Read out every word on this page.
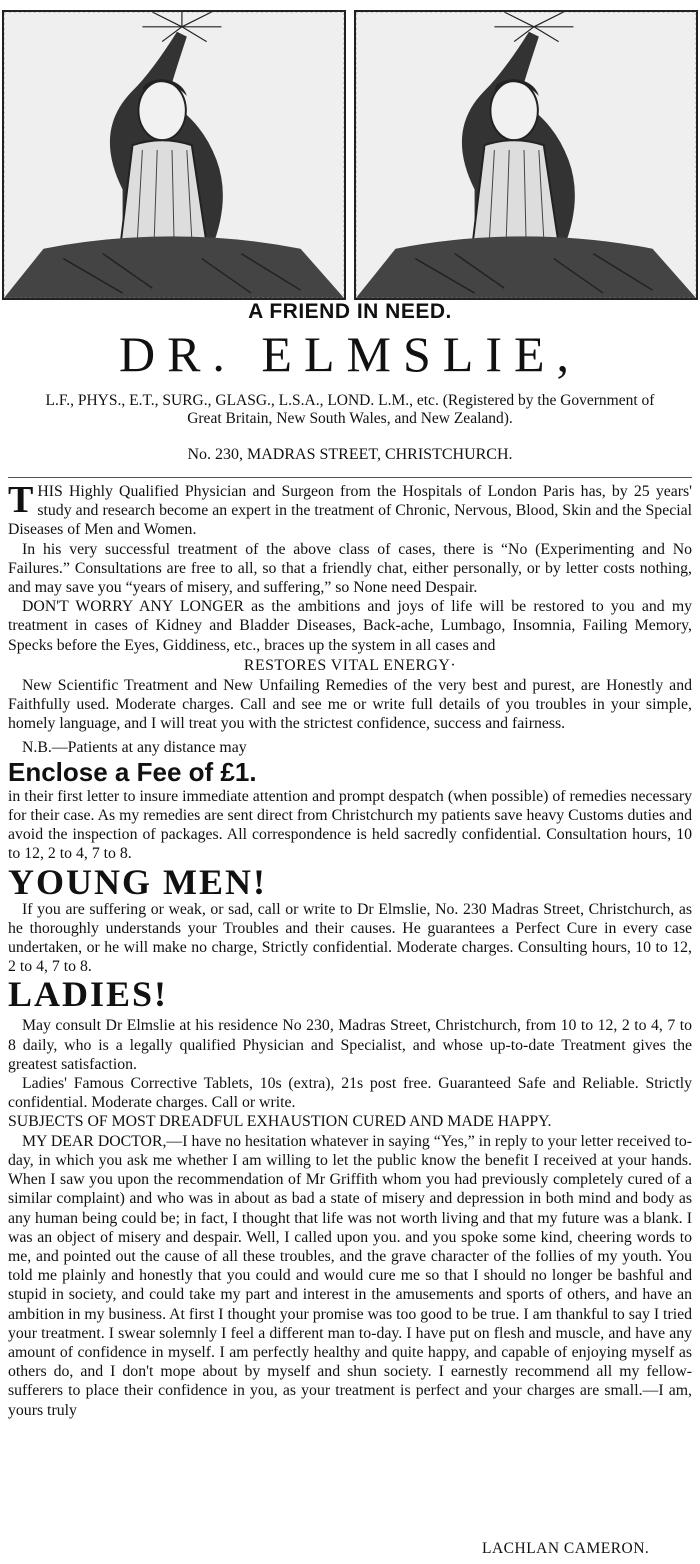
A FRIEND IN NEED.
DR. ELMSLIE,
L.F., PHYS., E.T., SURG., GLASG., L.S.A., LOND. L.M., etc. (Registered by the Government of Great Britain, New South Wales, and New Zealand).
No. 230, MADRAS STREET, CHRISTCHURCH.

THIS Highly Qualified Physician and Surgeon from the Hospitals of London Paris has, by 25 years' study and research become an expert in the treatment of Chronic, Nervous, Blood, Skin and the Special Diseases of Men and Women.

In his very successful treatment of the above class of cases, there is “No (Experimenting and No Failures.” Consultations are free to all, so that a friendly chat, either personally, or by letter costs nothing, and may save you “years of misery, and suffering,” so None need Despair.

DON'T WORRY ANY LONGER as the ambitions and joys of life will be restored to you and my treatment in cases of Kidney and Bladder Diseases, Back-ache, Lumbago, Insomnia, Failing Memory, Specks before the Eyes, Giddiness, etc., braces up the system in all cases and

RESTORES VITAL ENERGY·

New Scientific Treatment and New Unfailing Remedies of the very best and purest, are Honestly and Faithfully used. Moderate charges. Call and see me or write full details of you troubles in your simple, homely language, and I will treat you with the strictest confidence, success and fairness.

N.B.—Patients at any distance may

Enclose a Fee of £1.

in their first letter to insure immediate attention and prompt despatch (when possible) of remedies necessary for their case. As my remedies are sent direct from Christchurch my patients save heavy Customs duties and avoid the inspection of packages. All correspondence is held sacredly confidential. Consultation hours, 10 to 12, 2 to 4, 7 to 8.

YOUNG MEN!

If you are suffering or weak, or sad, call or write to Dr Elmslie, No. 230 Madras Street, Christchurch, as he thoroughly understands your Troubles and their causes. He guarantees a Perfect Cure in every case undertaken, or he will make no charge, Strictly confidential. Moderate charges. Consulting hours, 10 to 12, 2 to 4, 7 to 8.

LADIES!

May consult Dr Elmslie at his residence No 230, Madras Street, Christchurch, from 10 to 12, 2 to 4, 7 to 8 daily, who is a legally qualified Physician and Specialist, and whose up-to-date Treatment gives the greatest satisfaction.

Ladies' Famous Corrective Tablets, 10s (extra), 21s post free. Guaranteed Safe and Reliable. Strictly confidential. Moderate charges. Call or write.

SUBJECTS OF MOST DREADFUL EXHAUSTION CURED AND MADE HAPPY.

MY DEAR DOCTOR,—I have no hesitation whatever in saying “Yes,” in reply to your letter received to-day, in which you ask me whether I am willing to let the public know the benefit I received at your hands. When I saw you upon the recommendation of Mr Griffith whom you had previously completely cured of a similar complaint) and who was in about as bad a state of misery and depression in both mind and body as any human being could be; in fact, I thought that life was not worth living and that my future was a blank. I was an object of misery and despair. Well, I called upon you. and you spoke some kind, cheering words to me, and pointed out the cause of all these troubles, and the grave character of the follies of my youth. You told me plainly and honestly that you could and would cure me so that I should no longer be bashful and stupid in society, and could take my part and interest in the amusements and sports of others, and have an ambition in my business. At first I thought your promise was too good to be true. I am thankful to say I tried your treatment. I swear solemnly I feel a different man to-day. I have put on flesh and muscle, and have any amount of confidence in myself. I am perfectly healthy and quite happy, and capable of enjoying myself as others do, and I don't mope about by myself and shun society. I earnestly recommend all my fellow-sufferers to place their confidence in you, as your treatment is perfect and your charges are small.—I am, yours truly

LACHLAN CAMERON.
